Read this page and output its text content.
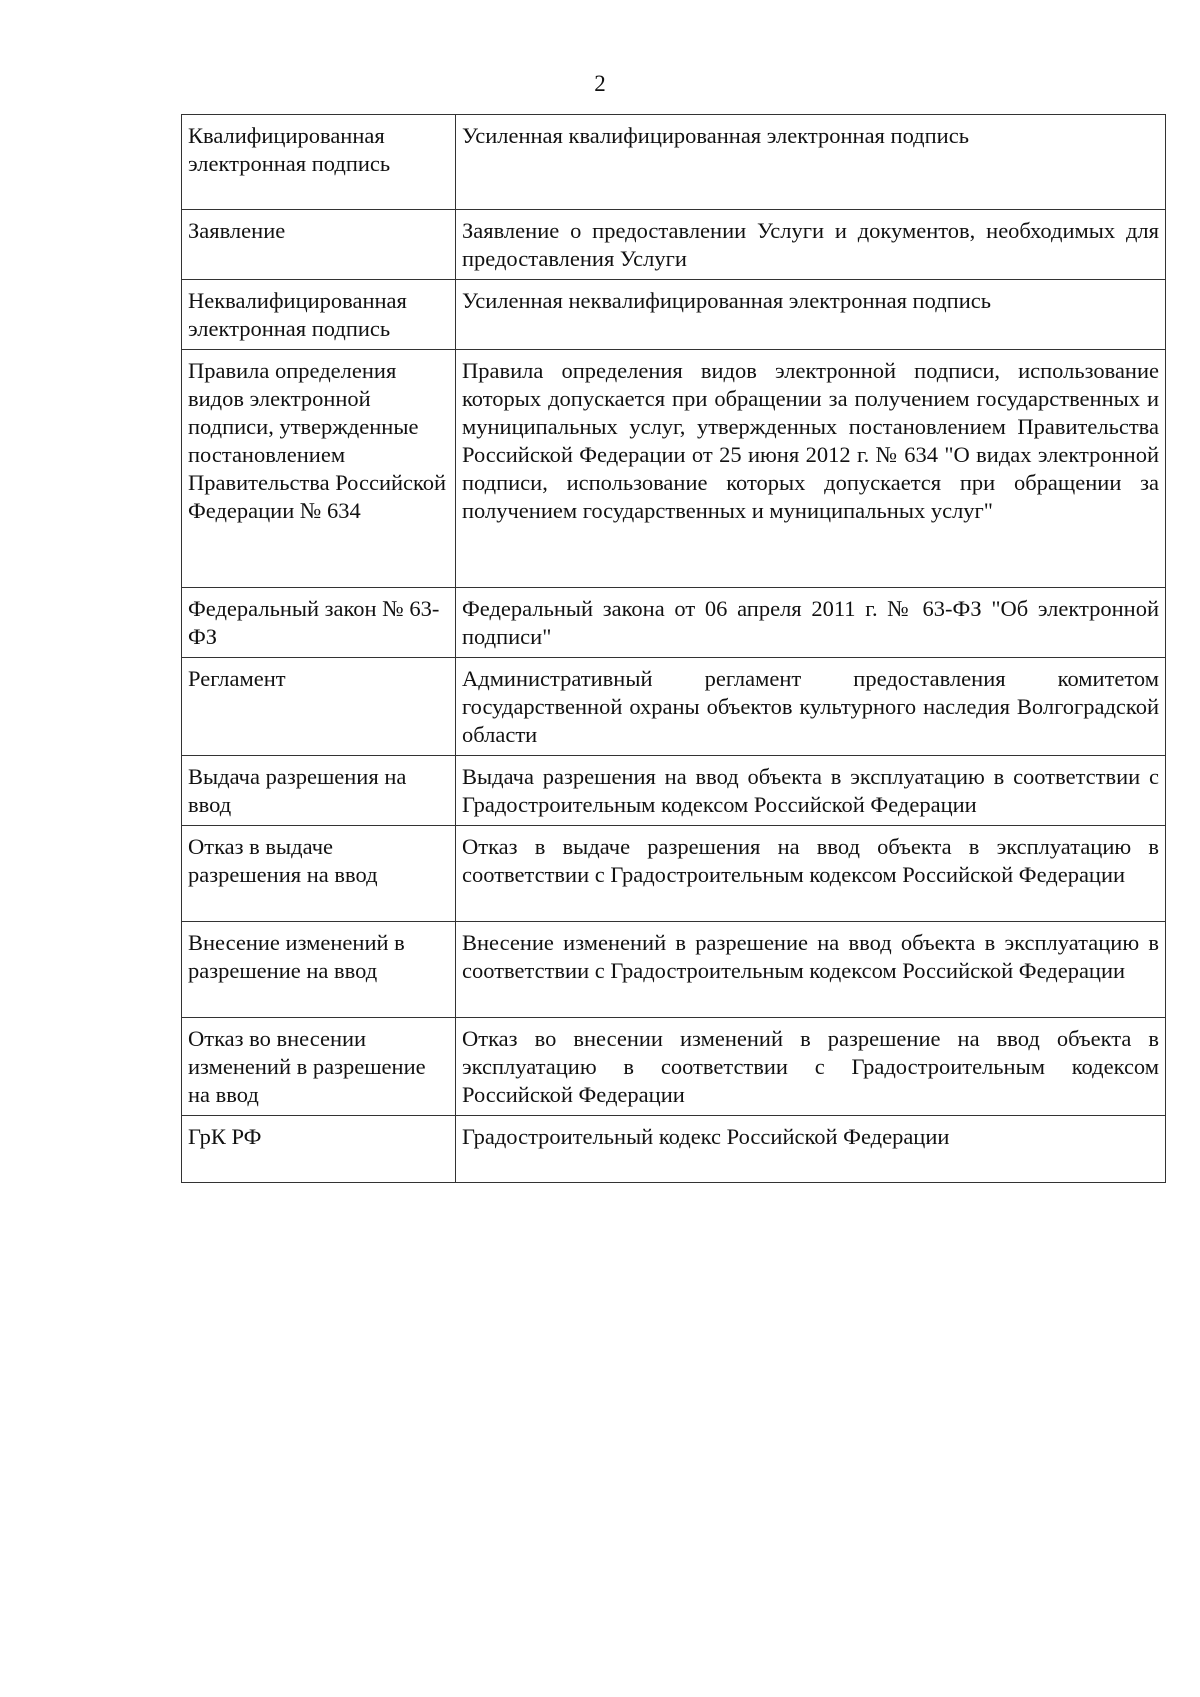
2
Квалифицированная электронная подпись	Усиленная квалифицированная электронная подпись
Заявление	Заявление о предоставлении Услуги и документов, необходимых для предоставления Услуги
Неквалифицированная электронная подпись	Усиленная неквалифицированная электронная подпись
Правила определения видов электронной подписи, утвержденные постановлением Правительства Российской Федерации № 634	Правила определения видов электронной подписи, использование которых допускается при обращении за получением государственных и муниципальных услуг, утвержденных постановлением Правительства Российской Федерации от 25 июня 2012 г. № 634 "О видах электронной подписи, использование которых допускается при обращении за получением государственных и муниципальных услуг"
Федеральный закон № 63-ФЗ	Федеральный закона от 06 апреля 2011 г. № 63-ФЗ "Об электронной подписи"
Регламент	Административный регламент предоставления комитетом государственной охраны объектов культурного наследия Волгоградской области
Выдача разрешения на ввод	Выдача разрешения на ввод объекта в эксплуатацию в соответствии с Градостроительным кодексом Российской Федерации
Отказ в выдаче разрешения на ввод	Отказ в выдаче разрешения на ввод объекта в эксплуатацию в соответствии с Градостроительным кодексом Российской Федерации
Внесение изменений в разрешение на ввод	Внесение изменений в разрешение на ввод объекта в эксплуатацию в соответствии с Градостроительным кодексом Российской Федерации
Отказ во внесении изменений в разрешение на ввод	Отказ во внесении изменений в разрешение на ввод объекта в эксплуатацию в соответствии с Градостроительным кодексом Российской Федерации
ГрК РФ	Градостроительный кодекс Российской Федерации
